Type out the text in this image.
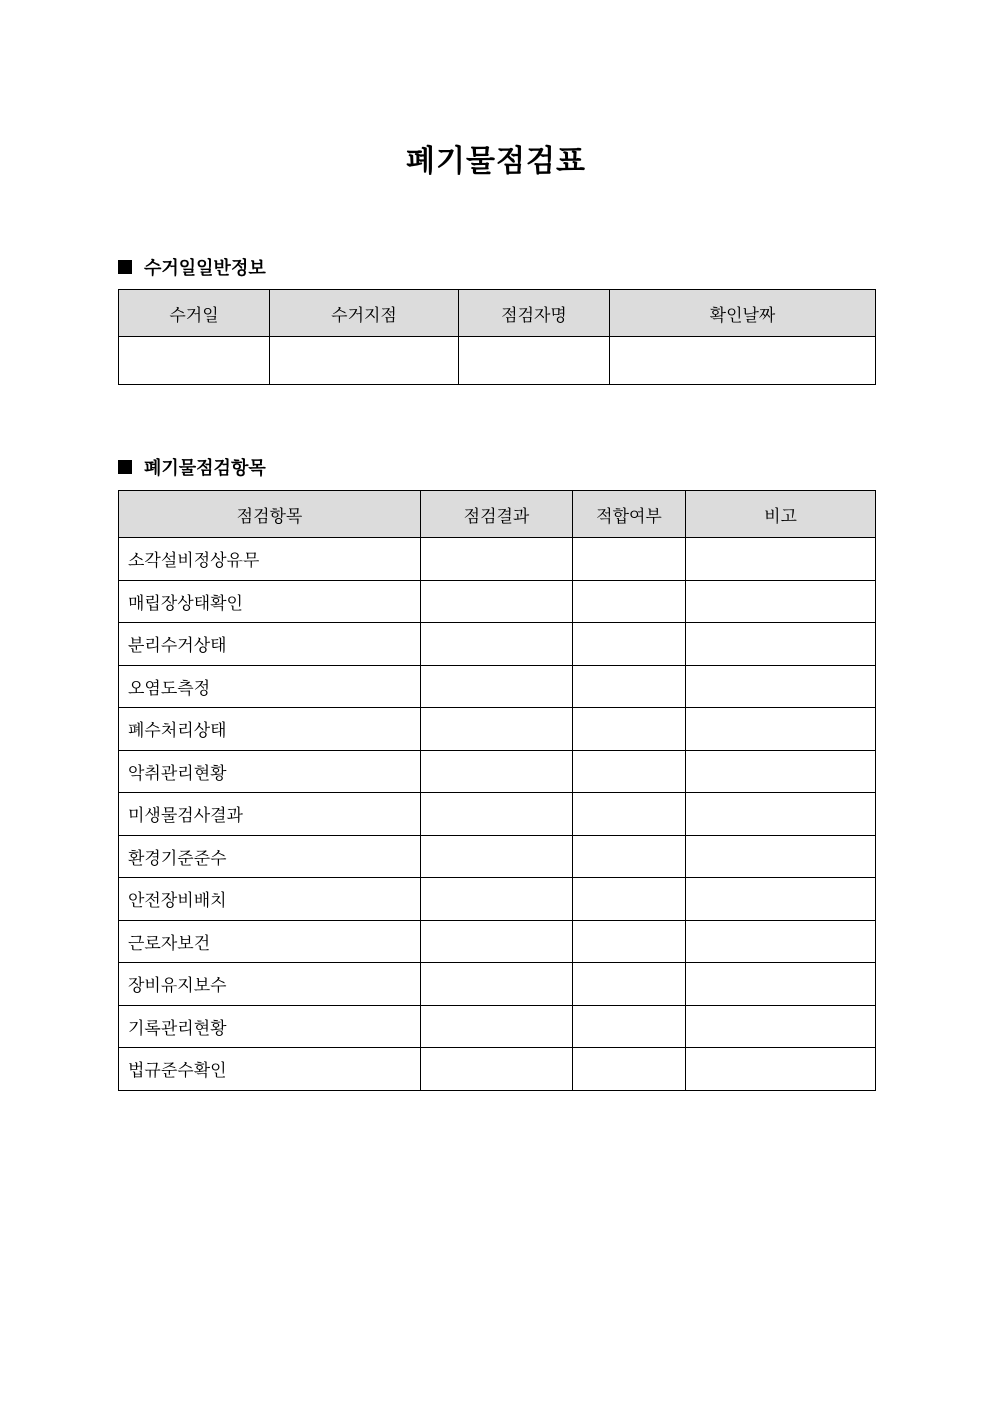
폐기물점검표
수거일일반정보
수거일	수거지점	점검자명	확인날짜

폐기물점검항목
점검항목	점검결과	적합여부	비고
소각설비정상유무			
매립장상태확인			
분리수거상태			
오염도측정			
폐수처리상태			
악취관리현황			
미생물검사결과			
환경기준준수			
안전장비배치			
근로자보건			
장비유지보수			
기록관리현황			
법규준수확인			
